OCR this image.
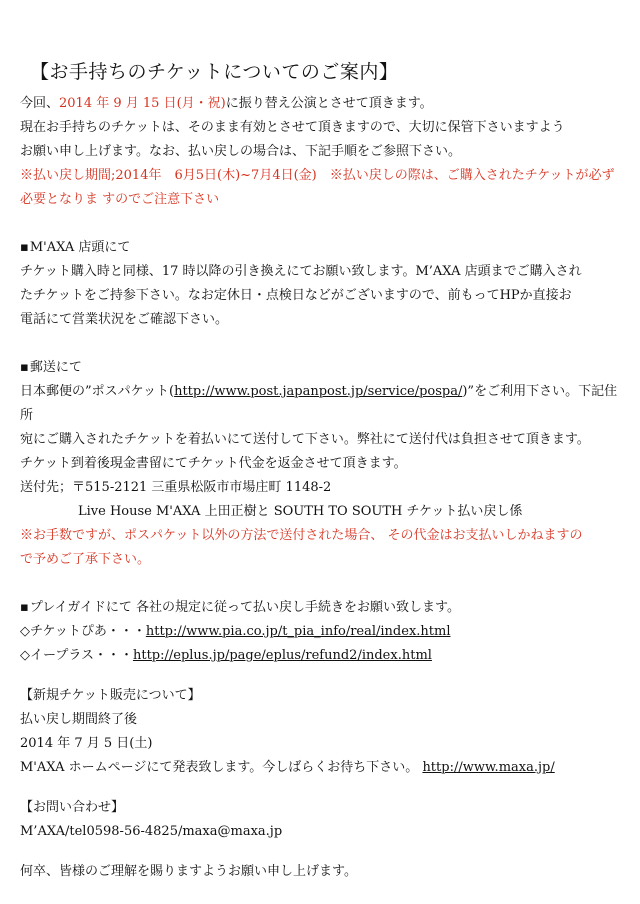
【お手持ちのチケットについてのご案内】

今回、2014 年 9 月 15 日(月・祝)に振り替え公演とさせて頂きます。

現在お手持ちのチケットは、そのまま有効とさせて頂きますので、大切に保管下さいますよう

お願い申し上げます。なお、払い戻しの場合は、下記手順をご参照下さい。

※払い戻し期間;2014年　6月5日(木)~7月4日(金)　※払い戻しの際は、ご購入されたチケットが必ず

必要となりま すのでご注意下さい

▪ M'AXA 店頭にて

チケット購入時と同様、17 時以降の引き換えにてお願い致します。M’AXA 店頭までご購入され

たチケットをご持参下さい。なお定休日・点検日などがございますので、前もってHPか直接お

電話にて営業状況をご確認下さい。

▪ 郵送にて

日本郵便の”ポスパケット(http://www.post.japanpost.jp/service/pospa/)”をご利用下さい。下記住所

宛にご購入されたチケットを着払いにて送付して下さい。弊社にて送付代は負担させて頂きます。

チケット到着後現金書留にてチケット代金を返金させて頂きます。

送付先；〒515-2121 三重県松阪市市場庄町 1148-2

Live House M'AXA 上田正樹と SOUTH TO SOUTH チケット払い戻し係

※お手数ですが、ポスパケット以外の方法で送付された場合、 その代金はお支払いしかねますの

で予めご了承下さい。

▪ プレイガイドにて 各社の規定に従って払い戻し手続きをお願い致します。

◇ チケットぴあ・・・http://www.pia.co.jp/t_pia_info/real/index.html

◇ イープラス・・・http://eplus.jp/page/eplus/refund2/index.html

【新規チケット販売について】

払い戻し期間終了後

2014 年 7 月 5 日(土)

M'AXA ホームページにて発表致します。今しばらくお待ち下さい。 http://www.maxa.jp/

【お問い合わせ】

M’AXA/tel0598-56-4825/maxa@maxa.jp

何卒、皆様のご理解を賜りますようお願い申し上げます。
